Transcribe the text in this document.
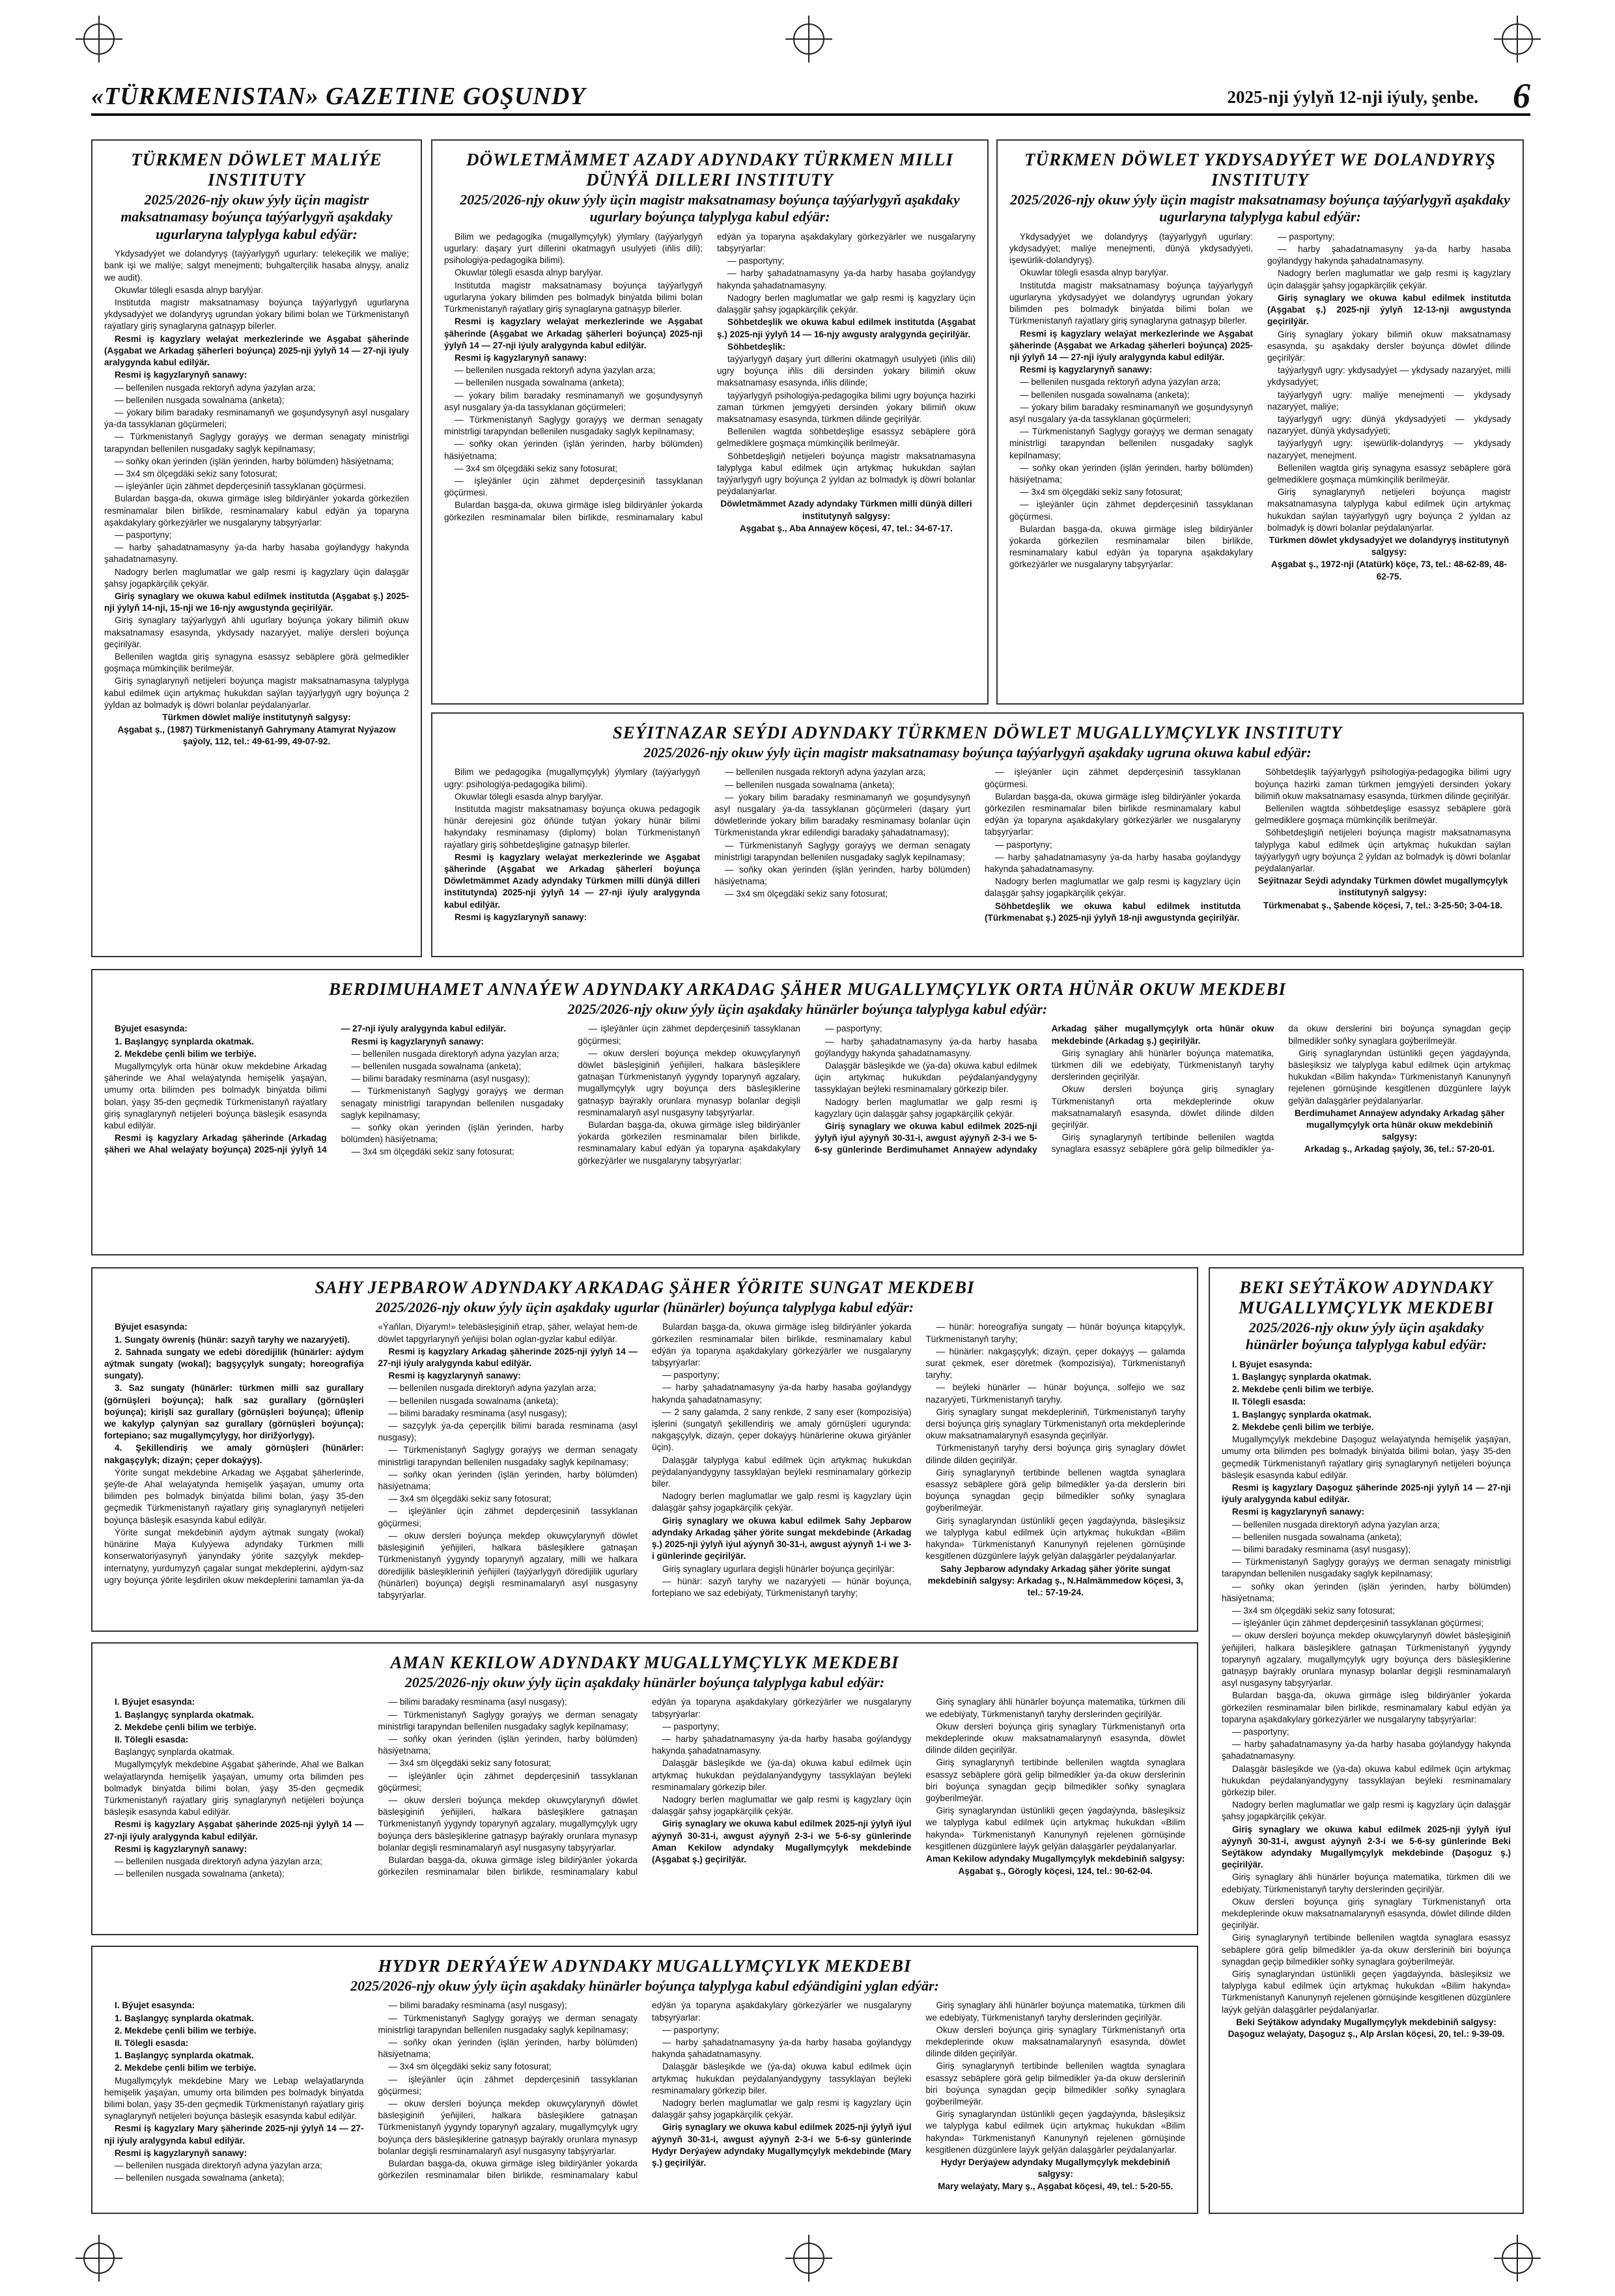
«TÜRKMENISTAN» GAZETINE GOŞUNDY	2025-nji ýylyň 12-nji iýuly, şenbe. 6
TÜRKMEN DÖWLET MALIÝE INSTITUTY
2025/2026-njy okuw ýyly üçin magistr maksatnamasy boýunça taýýarlygyň aşakdaky ugurlaryna talyplyga kabul edýär:

Ykdysadyýet we dolandyryş (taýýarlygyň ugurlary: telekeçilik we maliýe; bank işi we maliýe; salgyt menejmenti; buhgalterçilik hasaba alnyşy, analiz we audit).

Okuwlar tölegli esasda alnyp barylýar.

Institutda magistr maksatnamasy boýunça taýýarlygyň ugurlaryna ykdysadyýet we dolandyryş ugrundan ýokary bilimi bolan we Türkmenistanyň raýatlary giriş synaglaryna gatnaşyp bilerler.

Resmi iş kagyzlary welaýat merkezlerinde we Aşgabat şäherinde (Aşgabat we Arkadag şäherleri boýunça) 2025-nji ýylyň 14 — 27-nji iýuly aralygynda kabul edilýär.

Resmi iş kagyzlarynyň sanawy:

— bellenilen nusgada rektoryň adyna ýazylan arza;

— bellenilen nusgada sowalnama (anketa);

— ýokary bilim baradaky resminamanyň we goşundysynyň asyl nusgalary ýa-da tassyklanan göçürmeleri;

— Türkmenistanyň Saglygy goraýyş we derman senagaty ministrligi tarapyndan bellenilen nusgadaky saglyk kepilnamasy;

— soňky okan ýerinden (işlän ýerinden, harby bölümden) häsiýetnama;

— 3x4 sm ölçegdäki sekiz sany fotosurat;

— işleýänler üçin zähmet depderçesiniň tassyklanan göçürmesi.

Bulardan başga-da, okuwa girmäge isleg bildirýänler ýokarda görkezilen resminamalar bilen birlikde, resminamalary kabul edýän ýa toparyna aşakdakylary görkezýärler we nusgalaryny tabşyrýarlar:

— pasportyny;

— harby şahadatnamasyny ýa-da harby hasaba goýlandygy hakynda şahadatnamasyny.

Nadogry berlen maglumatlar we galp resmi iş kagyzlary üçin dalaşgär şahsy jogapkärçilik çekýär.

Giriş synaglary we okuwa kabul edilmek institutda (Aşgabat ş.) 2025-nji ýylyň 14-nji, 15-nji we 16-njy awgustynda geçirilýär.

Giriş synaglary taýýarlygyň ähli ugurlary boýunça ýokary bilimiň okuw maksatnamasy esasynda, ykdysady nazaryýet, maliýe dersleri boýunça geçirilýär.

Bellenilen wagtda giriş synagyna esassyz sebäplere görä gelmedikler goşmaça mümkinçilik berilmeýär.

Giriş synaglarynyň netijeleri boýunça magistr maksatnamasyna talyplyga kabul edilmek üçin artykmaç hukukdan saýlan taýýarlygyň ugry boýunça 2 ýyldan az bolmadyk iş döwri bolanlar peýdalanýarlar.

Türkmen döwlet maliýe institutynyň salgysy:

Aşgabat ş., (1987) Türkmenistanyň Gahrymany Atamyrat Nyýazow şaýoly, 112, tel.: 49-61-99, 49-07-92.

DÖWLETMÄMMET AZADY ADYNDAKY TÜRKMEN MILLI DÜNÝÄ DILLERI INSTITUTY
2025/2026-njy okuw ýyly üçin magistr maksatnamasy boýunça taýýarlygyň aşakdaky ugurlary boýunça talyplyga kabul edýär:

Bilim we pedagogika (mugallymçylyk) ýlymlary (taýýarlygyň ugurlary: daşary ýurt dillerini okatmagyň usulyýeti (iňlis dili); psihologiýa-pedagogika bilimi).

Okuwlar tölegli esasda alnyp barylýar.

Institutda magistr maksatnamasy boýunça taýýarlygyň ugurlaryna ýokary bilimden pes bolmadyk binýatda bilimi bolan Türkmenistanyň raýatlary giriş synaglaryna gatnaşyp bilerler.

Resmi iş kagyzlary welaýat merkezlerinde we Aşgabat şäherinde (Aşgabat we Arkadag şäherleri boýunça) 2025-nji ýylyň 14 — 27-nji iýuly aralygynda kabul edilýär.

Resmi iş kagyzlarynyň sanawy:

— bellenilen nusgada rektoryň adyna ýazylan arza;

— bellenilen nusgada sowalnama (anketa);

— ýokary bilim baradaky resminamanyň we goşundysynyň asyl nusgalary ýa-da tassyklanan göçürmeleri;

— Türkmenistanyň Saglygy goraýyş we derman senagaty ministrligi tarapyndan bellenilen nusgadaky saglyk kepilnamasy;

— soňky okan ýerinden (işlän ýerinden, harby bölümden) häsiýetnama;

— 3x4 sm ölçegdäki sekiz sany fotosurat;

— işleýänler üçin zähmet depderçesiniň tassyklanan göçürmesi.

Bulardan başga-da, okuwa girmäge isleg bildirýänler ýokarda görkezilen resminamalar bilen birlikde, resminamalary kabul edýän ýa toparyna aşakdakylary görkezýärler we nusgalaryny tabşyrýarlar:

— pasportyny;

— harby şahadatnamasyny ýa-da harby hasaba goýlandygy hakynda şahadatnamasyny.

Nadogry berlen maglumatlar we galp resmi iş kagyzlary üçin dalaşgär şahsy jogapkärçilik çekýär.

Söhbetdeşlik we okuwa kabul edilmek institutda (Aşgabat ş.) 2025-nji ýylyň 14 — 16-njy awgusty aralygynda geçirilýär.

Söhbetdeşlik:

taýýarlygyň daşary ýurt dillerini okatmagyň usulyýeti (iňlis dili) ugry boýunça iňlis dili dersinden ýokary bilimiň okuw maksatnamasy esasynda, iňlis dilinde;

taýýarlygyň psihologiýa-pedagogika bilimi ugry boýunça hazirki zaman türkmen jemgyýeti dersinden ýokary bilimiň okuw maksatnamasy esasynda, türkmen dilinde geçirilýär.

Bellenilen wagtda söhbetdeşlige esassyz sebäplere görä gelmediklere goşmaça mümkinçilik berilmeýär.

Söhbetdeşligiň netijeleri boýunça magistr maksatnamasyna talyplyga kabul edilmek üçin artykmaç hukukdan saýlan taýýarlygyň ugry boýunça 2 ýyldan az bolmadyk iş döwri bolanlar peýdalanýarlar.

Döwletmämmet Azady adyndaky Türkmen milli dünýä dilleri institutynyň salgysy:

Aşgabat ş., Aba Annaýew köçesi, 47, tel.: 34-67-17.

TÜRKMEN DÖWLET YKDYSADYÝET WE DOLANDYRYŞ INSTITUTY
2025/2026-njy okuw ýyly üçin magistr maksatnamasy boýunça taýýarlygyň aşakdaky ugurlaryna talyplyga kabul edýär:

Ykdysadyýet we dolandyryş (taýýarlygyň ugurlary: ykdysadyýet; maliýe menejmenti, dünýä ykdysadyýeti, işewürlik-dolandyryş).

Okuwlar tölegli esasda alnyp barylýar.

Institutda magistr maksatnamasy boýunça taýýarlygyň ugurlaryna ykdysadyýet we dolandyryş ugrundan ýokary bilimden pes bolmadyk binýatda bilimi bolan we Türkmenistanyň raýatlary giriş synaglaryna gatnaşyp bilerler.

Resmi iş kagyzlary welaýat merkezlerinde we Aşgabat şäherinde (Aşgabat we Arkadag şäherleri boýunça) 2025-nji ýylyň 14 — 27-nji iýuly aralygynda kabul edilýär.

Resmi iş kagyzlarynyň sanawy:

— bellenilen nusgada rektoryň adyna ýazylan arza;

— bellenilen nusgada sowalnama (anketa);

— ýokary bilim baradaky resminamanyň we goşundysynyň asyl nusgalary ýa-da tassyklanan göçürmeleri;

— Türkmenistanyň Saglygy goraýyş we derman senagaty ministrligi tarapyndan bellenilen nusgadaky saglyk kepilnamasy;

— soňky okan ýerinden (işlän ýerinden, harby bölümden) häsiýetnama;

— 3x4 sm ölçegdäki sekiz sany fotosurat;

— işleýänler üçin zähmet depderçesiniň tassyklanan göçürmesi.

Bulardan başga-da, okuwa girmäge isleg bildirýänler ýokarda görkezilen resminamalar bilen birlikde, resminamalary kabul edýän ýa toparyna aşakdakylary görkezýärler we nusgalaryny tabşyrýarlar:

— pasportyny;

— harby şahadatnamasyny ýa-da harby hasaba goýlandygy hakynda şahadatnamasyny.

Nadogry berlen maglumatlar we galp resmi iş kagyzlary üçin dalaşgär şahsy jogapkärçilik çekýär.

Giriş synaglary we okuwa kabul edilmek institutda (Aşgabat ş.) 2025-nji ýylyň 12-13-nji awgustynda geçirilýär.

Giriş synaglary ýokary bilimiň okuw maksatnamasy esasynda, şu aşakdaky dersler boýunça döwlet dilinde geçirilýär:

taýýarlygyň ugry: ykdysadyýet — ykdysady nazaryýet, milli ykdysadyýet;

taýýarlygyň ugry: maliýe menejmenti — ykdysady nazaryýet, maliýe;

taýýarlygyň ugry: dünýä ykdysadyýeti — ykdysady nazaryýet, dünýä ykdysadyýeti;

taýýarlygyň ugry: işewürlik-dolandyryş — ykdysady nazaryýet, menejment.

Bellenilen wagtda giriş synagyna esassyz sebäplere görä gelmediklere goşmaça mümkinçilik berilmeýär.

Giriş synaglarynyň netijeleri boýunça magistr maksatnamasyna talyplyga kabul edilmek üçin artykmaç hukukdan saýlan taýýarlygyň ugry boýunça 2 ýyldan az bolmadyk iş döwri bolanlar peýdalanýarlar.

Türkmen döwlet ykdysadyýet we dolandyryş institutynyň salgysy:

Aşgabat ş., 1972-nji (Atatürk) köçe, 73, tel.: 48-62-89, 48-62-75.

SEÝITNAZAR SEÝDI ADYNDAKY TÜRKMEN DÖWLET MUGALLYMÇYLYK INSTITUTY
2025/2026-njy okuw ýyly üçin magistr maksatnamasy boýunça taýýarlygyň aşakdaky ugruna okuwa kabul edýär:

Bilim we pedagogika (mugallymçylyk) ýlymlary (taýýarlygyň ugry: psihologiýa-pedagogika bilimi).

Okuwlar tölegli esasda alnyp barylýar.

Institutda magistr maksatnamasy boýunça okuwa pedagogik hünär derejesini göz öňünde tutýan ýokary hünär bilimi hakyndaky resminamasy (diplomy) bolan Türkmenistanyň raýatlary giriş söhbetdeşligine gatnaşyp bilerler.

Resmi iş kagyzlary welaýat merkezlerinde we Aşgabat şäherinde (Aşgabat we Arkadag şäherleri boýunça Döwletmämmet Azady adyndaky Türkmen milli dünýä dilleri institutynda) 2025-nji ýylyň 14 — 27-nji iýuly aralygynda kabul edilýär.

Resmi iş kagyzlarynyň sanawy:

— bellenilen nusgada rektoryň adyna ýazylan arza;

— bellenilen nusgada sowalnama (anketa);

— ýokary bilim baradaky resminamanyň we goşundysynyň asyl nusgalary ýa-da tassyklanan göçürmeleri (daşary ýurt döwletlerinde ýokary bilim baradaky resminamasy bolanlar üçin Türkmenistanda ykrar edilendigi baradaky şahadatnamasy);

— Türkmenistanyň Saglygy goraýyş we derman senagaty ministrligi tarapyndan bellenilen nusgadaky saglyk kepilnamasy;

— soňky okan ýerinden (işlän ýerinden, harby bölümden) häsiýetnama;

— 3x4 sm ölçegdäki sekiz sany fotosurat;

— işleýänler üçin zähmet depderçesiniň tassyklanan göçürmesi.

Bulardan başga-da, okuwa girmäge isleg bildirýänler ýokarda görkezilen resminamalar bilen birlikde resminamalary kabul edýän ýa toparyna aşakdakylary görkezýärler we nusgalaryny tabşyrýarlar:

— pasportyny;

— harby şahadatnamasyny ýa-da harby hasaba goýlandygy hakynda şahadatnamasyny.

Nadogry berlen maglumatlar we galp resmi iş kagyzlary üçin dalaşgär şahsy jogapkärçilik çekýär.

Söhbetdeşlik we okuwa kabul edilmek institutda (Türkmenabat ş.) 2025-nji ýylyň 18-nji awgustynda geçirilýär.

Söhbetdeşlik taýýarlygyň psihologiýa-pedagogika bilimi ugry boýunça hazirki zaman türkmen jemgyýeti dersinden ýokary bilimiň okuw maksatnamasy esasynda, türkmen dilinde geçirilýär.

Bellenilen wagtda söhbetdeşlige esassyz sebäplere görä gelmediklere goşmaça mümkinçilik berilmeýär.

Söhbetdeşligiň netijeleri boýunça magistr maksatnamasyna talyplyga kabul edilmek üçin artykmaç hukukdan saýlan taýýarlygyň ugry boýunça 2 ýyldan az bolmadyk iş döwri bolanlar peýdalanýarlar.

Seýitnazar Seýdi adyndaky Türkmen döwlet mugallymçylyk institutynyň salgysy:

Türkmenabat ş., Şabende köçesi, 7, tel.: 3-25-50; 3-04-18.

BERDIMUHAMET ANNAÝEW ADYNDAKY ARKADAG ŞÄHER MUGALLYMÇYLYK ORTA HÜNÄR OKUW MEKDEBI
2025/2026-njy okuw ýyly üçin aşakdaky hünärler boýunça talyplyga kabul edýär:

Býujet esasynda:

1. Başlangyç synplarda okatmak.

2. Mekdebe çenli bilim we terbiýe.

Mugallymçylyk orta hünär okuw mekdebine Arkadag şäherinde we Ahal welaýatynda hemişelik ýaşaýan, umumy orta bilimden pes bolmadyk binýatda bilimi bolan, ýaşy 35-den geçmedik Türkmenistanyň raýatlary giriş synaglarynyň netijeleri boýunça bäsleşik esasynda kabul edilýär.

Resmi iş kagyzlary Arkadag şäherinde (Arkadag şäheri we Ahal welaýaty boýunça) 2025-nji ýylyň 14 — 27-nji iýuly aralygynda kabul edilýär.

Resmi iş kagyzlarynyň sanawy:

— bellenilen nusgada direktoryň adyna ýazylan arza;

— bellenilen nusgada sowalnama (anketa);

— bilimi baradaky resminama (asyl nusgasy);

— Türkmenistanyň Saglygy goraýyş we derman senagaty ministrligi tarapyndan bellenilen nusgadaky saglyk kepilnamasy;

— soňky okan ýerinden (işlän ýerinden, harby bölümden) häsiýetnama;

— 3x4 sm ölçegdäki sekiz sany fotosurat;

— işleýänler üçin zähmet depderçesiniň tassyklanan göçürmesi;

— okuw dersleri boýunça mekdep okuwçylarynyň döwlet bäsleşiginiň ýeňijileri, halkara bäsleşiklere gatnaşan Türkmenistanyň ýygyndy toparynyň agzalary, mugallymçylyk ugry boýunça ders bäsleşiklerine gatnaşyp baýrakly orunlara mynasyp bolanlar degişli resminamalaryň asyl nusgasyny tabşyrýarlar.

Bulardan başga-da, okuwa girmäge isleg bildirýänler ýokarda görkezilen resminamalar bilen birlikde, resminamalary kabul edýän ýa toparyna aşakdakylary görkezýärler we nusgalaryny tabşyrýarlar:

— pasportyny;

— harby şahadatnamasyny ýa-da harby hasaba goýlandygy hakynda şahadatnamasyny.

Dalaşgär bäsleşikde we (ýa-da) okuwa kabul edilmek üçin artykmaç hukukdan peýdalanýandygyny tassyklaýan beýleki resminamalary görkezip biler.

Nadogry berlen maglumatlar we galp resmi iş kagyzlary üçin dalaşgär şahsy jogapkärçilik çekýär.

Giriş synaglary we okuwa kabul edilmek 2025-nji ýylyň iýul aýynyň 30-31-i, awgust aýynyň 2-3-i we 5-6-sy günlerinde Berdimuhamet Annaýew adyndaky Arkadag şäher mugallymçylyk orta hünär okuw mekdebinde (Arkadag ş.) geçirilýär.

Giriş synaglary ähli hünärler boýunça matematika, türkmen dili we edebiýaty, Türkmenistanyň taryhy derslerinden geçirilýär.

Okuw dersleri boýunça giriş synaglary Türkmenistanyň orta mekdeplerinde okuw maksatnamalaryň esasynda, döwlet dilinde dilden geçirilýär.

Giriş synaglarynyň tertibinde bellenilen wagtda synaglara esassyz sebäplere görä gelip bilmedikler ýa-da okuw derslerini biri boýunça synagdan geçip bilmedikler soňky synaglara goýberilmeýär.

Giriş synaglaryndan üstünlikli geçen ýagdaýynda, bäsleşiksiz we talyplyga kabul edilmek üçin artykmaç hukukdan «Bilim hakynda» Türkmenistanyň Kanunynyň rejelenen görnüşinde kesgitlenen düzgünlere laýyk gelýän dalaşgärler peýdalanýarlar.

Berdimuhamet Annaýew adyndaky Arkadag şäher mugallymçylyk orta hünär okuw mekdebiniň salgysy:

Arkadag ş., Arkadag şaýoly, 36, tel.: 57-20-01.

SAHY JEPBAROW ADYNDAKY ARKADAG ŞÄHER ÝÖRITE SUNGAT MEKDEBI
2025/2026-njy okuw ýyly üçin aşakdaky ugurlar (hünärler) boýunça talyplyga kabul edýär:

Býujet esasynda:

1. Sungaty öwreniş (hünär: sazyň taryhy we nazaryýeti).

2. Sahnada sungaty we edebi döredijilik (hünärler: aýdym aýtmak sungaty (wokal); bagşyçylyk sungaty; horeografiýa sungaty).

3. Saz sungaty (hünärler: türkmen milli saz gurallary (görnüşleri boýunça); halk saz gurallary (görnüşleri boýunça); kirişli saz gurallary (görnüşleri boýunça); üflenip we kakylyp çalynýan saz gurallary (görnüşleri boýunça); fortepiano; saz mugallymçylygy, hor dirižýorlygy).

4. Şekillendiriş we amaly görnüşleri (hünärler: nakgaşçylyk; dizaýn; çeper dokaýyş).

Ýörite sungat mekdebine Arkadag we Aşgabat şäherlerinde, şeýle-de Ahal welaýatynda hemişelik ýaşaýan, umumy orta bilimden pes bolmadyk binýatda bilimi bolan, ýaşy 35-den geçmedik Türkmenistanyň raýatlary giriş synaglarynyň netijeleri boýunça bäsleşik esasynda kabul edilýär.

Ýörite sungat mekdebiniň aýdym aýtmak sungaty (wokal) hünärine Maýa Kulyýewa adyndaky Türkmen milli konserwatoriýasynyň ýanyndaky ýörite sazçylyk mekdep-internatyny, yurdumyzyň çagalar sungat mekdeplerini, aýdym-saz ugry boýunça ýörite leşdirilen okuw mekdeplerini tamamlan ýa-da «Ýaňlan, Diýarym!» telebäsleşiginiň etrap, şäher, welaýat hem-de döwlet tapgyrlarynyň ýeňijisi bolan oglan-gyzlar kabul edilýär.

Resmi iş kagyzlary Arkadag şäherinde 2025-nji ýylyň 14 — 27-nji iýuly aralygynda kabul edilýär.

Resmi iş kagyzlarynyň sanawy:

— bellenilen nusgada direktoryň adyna ýazylan arza;

— bellenilen nusgada sowalnama (anketa);

— bilimi baradaky resminama (asyl nusgasy);

— sazçylyk ýa-da çeperçilik bilimi barada resminama (asyl nusgasy);

— Türkmenistanyň Saglygy goraýyş we derman senagaty ministrligi tarapyndan bellenilen nusgadaky saglyk kepilnamasy;

— soňky okan ýerinden (işlän ýerinden, harby bölümden) häsiýetnama;

— 3x4 sm ölçegdäki sekiz sany fotosurat;

— işleýänler üçin zähmet depderçesiniň tassyklanan göçürmesi;

— okuw dersleri boýunça mekdep okuwçylarynyň döwlet bäsleşiginiň ýeňijileri, halkara bäsleşiklere gatnaşan Türkmenistanyň ýygyndy toparynyň agzalary, milli we halkara döredijilik bäsleşikleriniň ýeňijileri (taýýarlygyň döredijilik ugurlary (hünärleri) boýunça) degişli resminamalaryň asyl nusgasyny tabşyrýarlar.

Bulardan başga-da, okuwa girmäge isleg bildirýänler ýokarda görkezilen resminamalar bilen birlikde, resminamalary kabul edýän ýa toparyna aşakdakylary görkezýärler we nusgalaryny tabşyrýarlar:

— pasportyny;

— harby şahadatnamasyny ýa-da harby hasaba goýlandygy hakynda şahadatnamasyny;

— 2 sany galamda, 2 sany renkde, 2 sany eser (kompozisiýa) işlerini (sungatyň şekillendiriş we amaly görnüşleri ugurynda: nakgaşçylyk, dizaýn, çeper dokaýyş hünärlerine okuwa girýänler üçin).

Dalaşgär talyplyga kabul edilmek üçin artykmaç hukukdan peýdalanýandygyny tassyklaýan beýleki resminamalary görkezip biler.

Nadogry berlen maglumatlar we galp resmi iş kagyzlary üçin dalaşgär şahsy jogapkärçilik çekýär.

Giriş synaglary we okuwa kabul edilmek Sahy Jepbarow adyndaky Arkadag şäher ýörite sungat mekdebinde (Arkadag ş.) 2025-nji ýylyň iýul aýynyň 30-31-i, awgust aýynyň 1-i we 3-i günlerinde geçirilýär.

Giriş synaglary ugurlara degişli hünärler boýunça geçirilýär:

— hünär: sazyň taryhy we nazaryýeti — hünär boýunça, fortepiano we saz edebiýaty, Türkmenistanyň taryhy;

— hünär: horeografiýa sungaty — hünär boýunça kitapçylyk, Türkmenistanyň taryhy;

— hünärler: nakgaşçylyk; dizaýn, çeper dokaýyş — galamda surat çekmek, eser döretmek (kompozisiýa), Türkmenistanyň taryhy;

— beýleki hünärler — hünär boýunça, solfejio we saz nazaryýeti, Türkmenistanyň taryhy.

Giriş synaglary sungat mekdepleriniň, Türkmenistanyň taryhy dersi boýunça giriş synaglary Türkmenistanyň orta mekdeplerinde okuw maksatnamalarynyň esasynda geçirilýär.

Türkmenistanyň taryhy dersi boýunça giriş synaglary döwlet dilinde dilden geçirilýär.

Giriş synaglarynyň tertibinde bellenen wagtda synaglara esassyz sebäplere görä gelip bilmedikler ýa-da derslerin biri boýunça synagdan geçip bilmedikler soňky synaglara goýberilmeýär.

Giriş synaglaryndan üstünlikli geçen ýagdaýynda, bäsleşiksiz we talyplyga kabul edilmek üçin artykmaç hukukdan «Bilim hakynda» Türkmenistanyň Kanunynyň rejelenen görnüşinde kesgitlenen düzgünlere laýyk gelýän dalaşgärler peýdalanýarlar.

Sahy Jepbarow adyndaky Arkadag şäher ýörite sungat mekdebiniň salgysy: Arkadag ş., N.Halmämmedow köçesi, 3, tel.: 57-19-24.

BEKI SEÝTÄKOW ADYNDAKY MUGALLYMÇYLYK MEKDEBI
2025/2026-njy okuw ýyly üçin aşakdaky hünärler boýunça talyplyga kabul edýär:

I. Býujet esasynda:

1. Başlangyç synplarda okatmak.

2. Mekdebe çenli bilim we terbiýe.

II. Tölegli esasda:

1. Başlangyç synplarda okatmak.

2. Mekdebe çenli bilim we terbiýe.

Mugallymçylyk mekdebine Daşoguz welaýatynda hemişelik ýaşaýan, umumy orta bilimden pes bolmadyk binýatda bilimi bolan, ýaşy 35-den geçmedik Türkmenistanyň raýatlary giriş synaglarynyň netijeleri boýunça bäsleşik esasynda kabul edilýär.

Resmi iş kagyzlary Daşoguz şäherinde 2025-nji ýylyň 14 — 27-nji iýuly aralygynda kabul edilýär.

Resmi iş kagyzlarynyň sanawy:

— bellenilen nusgada direktoryň adyna ýazylan arza;

— bellenilen nusgada sowalnama (anketa);

— bilimi baradaky resminama (asyl nusgasy);

— Türkmenistanyň Saglygy goraýyş we derman senagaty ministrligi tarapyndan bellenilen nusgadaky saglyk kepilnamasy;

— soňky okan ýerinden (işlän ýerinden, harby bölümden) häsiýetnama;

— 3x4 sm ölçegdäki sekiz sany fotosurat;

— işleýänler üçin zähmet depderçesiniň tassyklanan göçürmesi;

— okuw dersleri boýunça mekdep okuwçylarynyň döwlet bäsleşiginiň ýeňijileri, halkara bäsleşiklere gatnaşan Türkmenistanyň ýygyndy toparynyň agzalary, mugallymçylyk ugry boýunça ders bäsleşiklerine gatnaşyp baýrakly orunlara mynasyp bolanlar degişli resminamalaryň asyl nusgasyny tabşyrýarlar.

Bulardan başga-da, okuwa girmäge isleg bildirýänler ýokarda görkezilen resminamalar bilen birlikde, resminamalary kabul edýän ýa toparyna aşakdakylary görkezýärler we nusgalaryny tabşyrýarlar:

— pasportyny;

— harby şahadatnamasyny ýa-da harby hasaba goýlandygy hakynda şahadatnamasyny.

Dalaşgär bäsleşikde we (ýa-da) okuwa kabul edilmek üçin artykmaç hukukdan peýdalanýandygyny tassyklaýan beýleki resminamalary görkezip biler.

Nadogry berlen maglumatlar we galp resmi iş kagyzlary üçin dalaşgär şahsy jogapkärçilik çekýär.

Giriş synaglary we okuwa kabul edilmek 2025-nji ýylyň iýul aýynyň 30-31-i, awgust aýynyň 2-3-i we 5-6-sy günlerinde Beki Seýtäkow adyndaky Mugallymçylyk mekdebinde (Daşoguz ş.) geçirilýär.

Giriş synaglary ähli hünärler boýunça matematika, türkmen dili we edebiýaty, Türkmenistanyň taryhy derslerinden geçirilýär.

Okuw dersleri boýunça giriş synaglary Türkmenistanyň orta mekdeplerinde okuw maksatnamalarynyň esasynda, döwlet dilinde dilden geçirilýär.

Giriş synaglarynyň tertibinde bellenilen wagtda synaglara esassyz sebäplere görä gelip bilmedikler ýa-da okuw dersleriniň biri boýunça synagdan geçip bilmedikler soňky synaglara goýberilmeýär.

Giriş synaglaryndan üstünlikli geçen ýagdaýynda, bäsleşiksiz we talyplyga kabul edilmek üçin artykmaç hukukdan «Bilim hakynda» Türkmenistanyň Kanunynyň rejelenen görnüşinde kesgitlenen düzgünlere laýyk gelýän dalaşgärler peýdalanýarlar.

Beki Seýtäkow adyndaky Mugallymçylyk mekdebiniň salgysy: Daşoguz welaýaty, Daşoguz ş., Alp Arslan köçesi, 20, tel.: 9-39-09.

AMAN KEKILOW ADYNDAKY MUGALLYMÇYLYK MEKDEBI
2025/2026-njy okuw ýyly üçin aşakdaky hünärler boýunça talyplyga kabul edýär:

I. Býujet esasynda:

1. Başlangyç synplarda okatmak.

2. Mekdebe çenli bilim we terbiýe.

II. Tölegli esasda:

Başlangyç synplarda okatmak.

Mugallymçylyk mekdebine Aşgabat şäherinde, Ahal we Balkan welaýatlarynda hemişelik ýaşaýan, umumy orta bilimden pes bolmadyk binýatda bilimi bolan, ýaşy 35-den geçmedik Türkmenistanyň raýatlary giriş synaglarynyň netijeleri boýunça bäsleşik esasynda kabul edilýär.

Resmi iş kagyzlary Aşgabat şäherinde 2025-nji ýylyň 14 — 27-nji iýuly aralygynda kabul edilýär.

Resmi iş kagyzlarynyň sanawy:

— bellenilen nusgada direktoryň adyna ýazylan arza;

— bellenilen nusgada sowalnama (anketa);

— bilimi baradaky resminama (asyl nusgasy);

— Türkmenistanyň Saglygy goraýyş we derman senagaty ministrligi tarapyndan bellenilen nusgadaky saglyk kepilnamasy;

— soňky okan ýerinden (işlän ýerinden, harby bölümden) häsiýetnama;

— 3x4 sm ölçegdäki sekiz sany fotosurat;

— işleýänler üçin zähmet depderçesiniň tassyklanan göçürmesi;

— okuw dersleri boýunça mekdep okuwçylarynyň döwlet bäsleşiginiň ýeňijileri, halkara bäsleşiklere gatnaşan Türkmenistanyň ýygyndy toparynyň agzalary, mugallymçylyk ugry boýunça ders bäsleşiklerine gatnaşyp baýrakly orunlara mynasyp bolanlar degişli resminamalaryň asyl nusgasyny tabşyrýarlar.

Bulardan başga-da, okuwa girmäge isleg bildirýänler ýokarda görkezilen resminamalar bilen birlikde, resminamalary kabul edýän ýa toparyna aşakdakylary görkezýärler we nusgalaryny tabşyrýarlar:

— pasportyny;

— harby şahadatnamasyny ýa-da harby hasaba goýlandygy hakynda şahadatnamasyny.

Dalaşgär bäsleşikde we (ýa-da) okuwa kabul edilmek üçin artykmaç hukukdan peýdalanýandygyny tassyklaýan beýleki resminamalary görkezip biler.

Nadogry berlen maglumatlar we galp resmi iş kagyzlary üçin dalaşgär şahsy jogapkärçilik çekýär.

Giriş synaglary we okuwa kabul edilmek 2025-nji ýylyň iýul aýynyň 30-31-i, awgust aýynyň 2-3-i we 5-6-sy günlerinde Aman Kekilow adyndaky Mugallymçylyk mekdebinde (Aşgabat ş.) geçirilýär.

Giriş synaglary ähli hünärler boýunça matematika, türkmen dili we edebiýaty, Türkmenistanyň taryhy derslerinden geçirilýär.

Okuw dersleri boýunça giriş synaglary Türkmenistanyň orta mekdeplerinde okuw maksatnamalarynyň esasynda, döwlet dilinde dilden geçirilýär.

Giriş synaglarynyň tertibinde bellenilen wagtda synaglara esassyz sebäplere görä gelip bilmedikler ýa-da okuw derslerinin biri boýunça synagdan geçip bilmedikler soňky synaglara goýberilmeýär.

Giriş synaglaryndan üstünlikli geçen ýagdaýynda, bäsleşiksiz we talyplyga kabul edilmek üçin artykmaç hukukdan «Bilim hakynda» Türkmenistanyň Kanunynyň rejelenen görnüşinde kesgitlenen düzgünlere laýyk gelýän dalaşgärler peýdalanýarlar.

Aman Kekilow adyndaky Mugallymçylyk mekdebiniň salgysy:

Aşgabat ş., Görogly köçesi, 124, tel.: 90-62-04.

HYDYR DERÝAÝEW ADYNDAKY MUGALLYMÇYLYK MEKDEBI
2025/2026-njy okuw ýyly üçin aşakdaky hünärler boýunça talyplyga kabul edýändigini yglan edýär:

I. Býujet esasynda:

1. Başlangyç synplarda okatmak.

2. Mekdebe çenli bilim we terbiýe.

II. Tölegli esasda:

1. Başlangyç synplarda okatmak.

2. Mekdebe çenli bilim we terbiýe.

Mugallymçylyk mekdebine Mary we Lebap welaýatlarynda hemişelik ýaşaýan, umumy orta bilimden pes bolmadyk binýatda bilimi bolan, ýaşy 35-den geçmedik Türkmenistanyň raýatlary giriş synaglarynyň netijeleri boýunça bäsleşik esasynda kabul edilýär.

Resmi iş kagyzlary Mary şäherinde 2025-nji ýylyň 14 — 27-nji iýuly aralygynda kabul edilýär.

Resmi iş kagyzlarynyň sanawy:

— bellenilen nusgada direktoryň adyna ýazylan arza;

— bellenilen nusgada sowalnama (anketa);

— bilimi baradaky resminama (asyl nusgasy);

— Türkmenistanyň Saglygy goraýyş we derman senagaty ministrligi tarapyndan bellenilen nusgadaky saglyk kepilnamasy;

— soňky okan ýerinden (işlän ýerinden, harby bölümden) häsiýetnama;

— 3x4 sm ölçegdäki sekiz sany fotosurat;

— işleýänler üçin zähmet depderçesiniň tassyklanan göçürmesi;

— okuw dersleri boýunça mekdep okuwçylarynyň döwlet bäsleşiginiň ýeňijileri, halkara bäsleşiklere gatnaşan Türkmenistanyň ýygyndy toparynyň agzalary, mugallymçylyk ugry boýunça ders bäsleşiklerine gatnaşyp baýrakly orunlara mynasyp bolanlar degişli resminamalaryň asyl nusgasyny tabşyrýarlar.

Bulardan başga-da, okuwa girmäge isleg bildirýänler ýokarda görkezilen resminamalar bilen birlikde, resminamalary kabul edýän ýa toparyna aşakdakylary görkezýärler we nusgalaryny tabşyrýarlar:

— pasportyny;

— harby şahadatnamasyny ýa-da harby hasaba goýlandygy hakynda şahadatnamasyny.

Dalaşgär bäsleşikde we (ýa-da) okuwa kabul edilmek üçin artykmaç hukukdan peýdalanýandygyny tassyklaýan beýleki resminamalary görkezip biler.

Nadogry berlen maglumatlar we galp resmi iş kagyzlary üçin dalaşgär şahsy jogapkärçilik çekýär.

Giriş synaglary we okuwa kabul edilmek 2025-nji ýylyň iýul aýynyň 30-31-i, awgust aýynyň 2-3-i we 5-6-sy günlerinde Hydyr Derýaýew adyndaky Mugallymçylyk mekdebinde (Mary ş.) geçirilýär.

Giriş synaglary ähli hünärler boýunça matematika, türkmen dili we edebiýaty, Türkmenistanyň taryhy derslerinden geçirilýär.

Okuw dersleri boýunça giriş synaglary Türkmenistanyň orta mekdeplerinde okuw maksatnamalarynyň esasynda, döwlet dilinde dilden geçirilýär.

Giriş synaglarynyň tertibinde bellenilen wagtda synaglara esassyz sebäplere görä gelip bilmedikler ýa-da okuw dersleriniň biri boýunça synagdan geçip bilmedikler soňky synaglara goýberilmeýär.

Giriş synaglaryndan üstünlikli geçen ýagdaýynda, bäsleşiksiz we talyplyga kabul edilmek üçin artykmaç hukukdan «Bilim hakynda» Türkmenistanyň Kanunynyň rejelenen görnüşinde kesgitlenen düzgünlere laýyk gelýän dalaşgärler peýdalanýarlar.

Hydyr Derýaýew adyndaky Mugallymçylyk mekdebiniň salgysy:

Mary welaýaty, Mary ş., Aşgabat köçesi, 49, tel.: 5-20-55.
